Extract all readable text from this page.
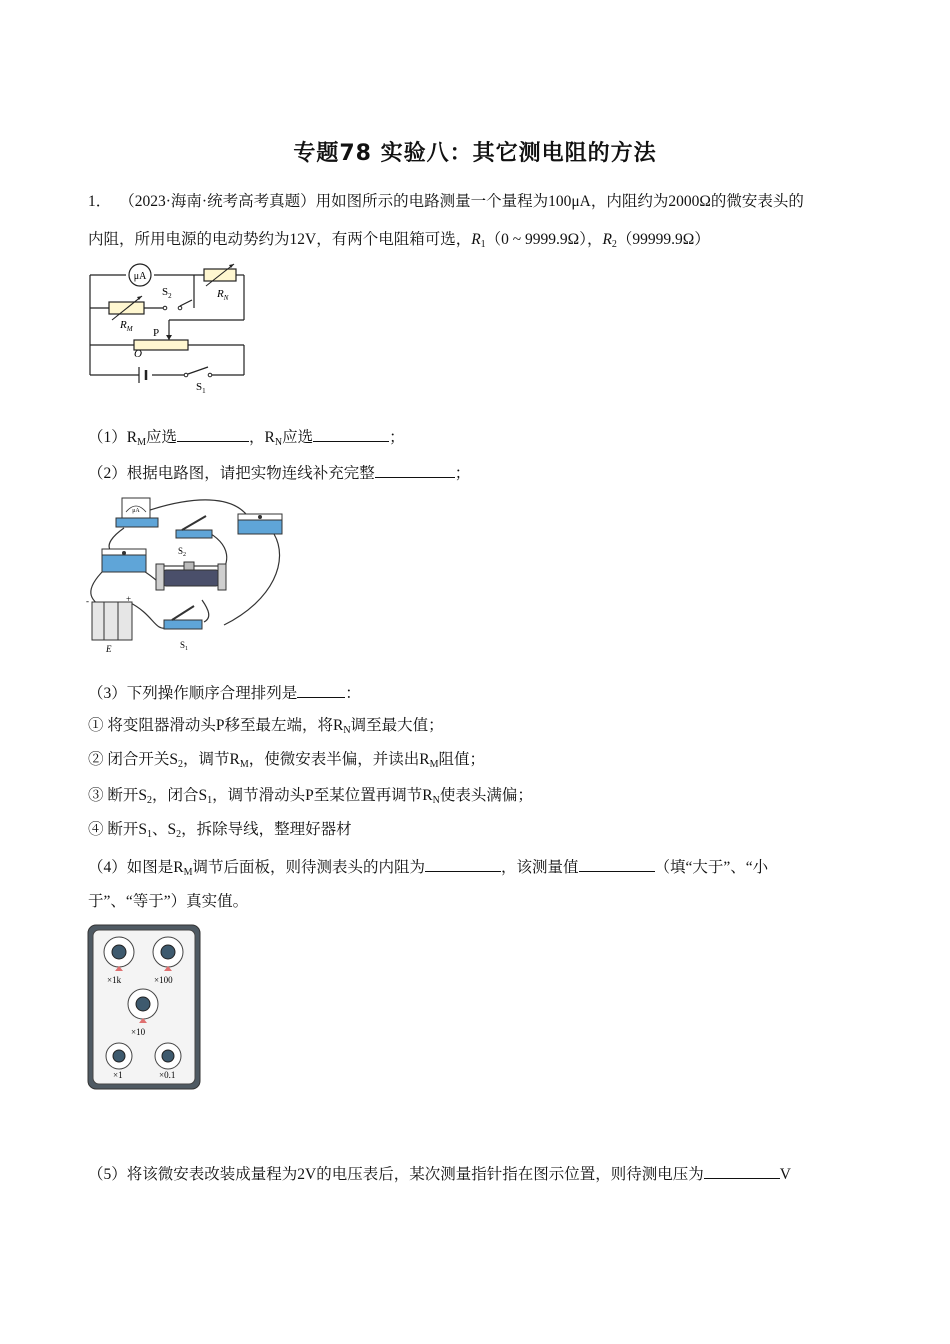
专题78 实验八：其它测电阻的方法
1． （2023·海南·统考高考真题）用如图所示的电路测量一个量程为100μA，内阻约为2000Ω的微安表头的
内阻，所用电源的电动势约为12V，有两个电阻箱可选，$R_1(0$ ~ 9999.9Ω），$R_2(99999.9\Omega)$
μA
$S_2$	$R_N$
$R_M$ P
O
$S_1$
$(1)R_M$应选	，$R_N$应选	；
（2）根据电路图，请把实物连线补充完整	；
μA
$S_2$
-	+
E	$S_1$
（3）下列操作顺序合理排列是	：
① 将变阻器滑动头P移至最左端，将$R_N$调至最大值；
② 闭合开关$S_2$，调节$R_M$，使微安表半偏，并读出$R_M$阻值；
③ 断开$S_2$，闭合$S_1$，调节滑动头P至某位置再调节$R_N$使表头满偏；
④ 断开$S_1$、$S_2$，拆除导线，整理好器材
（4）如图是$R_M$调节后面板，则待测表头的内阻为	，该测量值	（填“大于”、“小
于”、“等于”）真实值。
×1k	×100
×10
×1	×0.1
（5）将该微安表改装成量程为2V的电压表后，某次测量指针指在图示位置，则待测电压为	V
